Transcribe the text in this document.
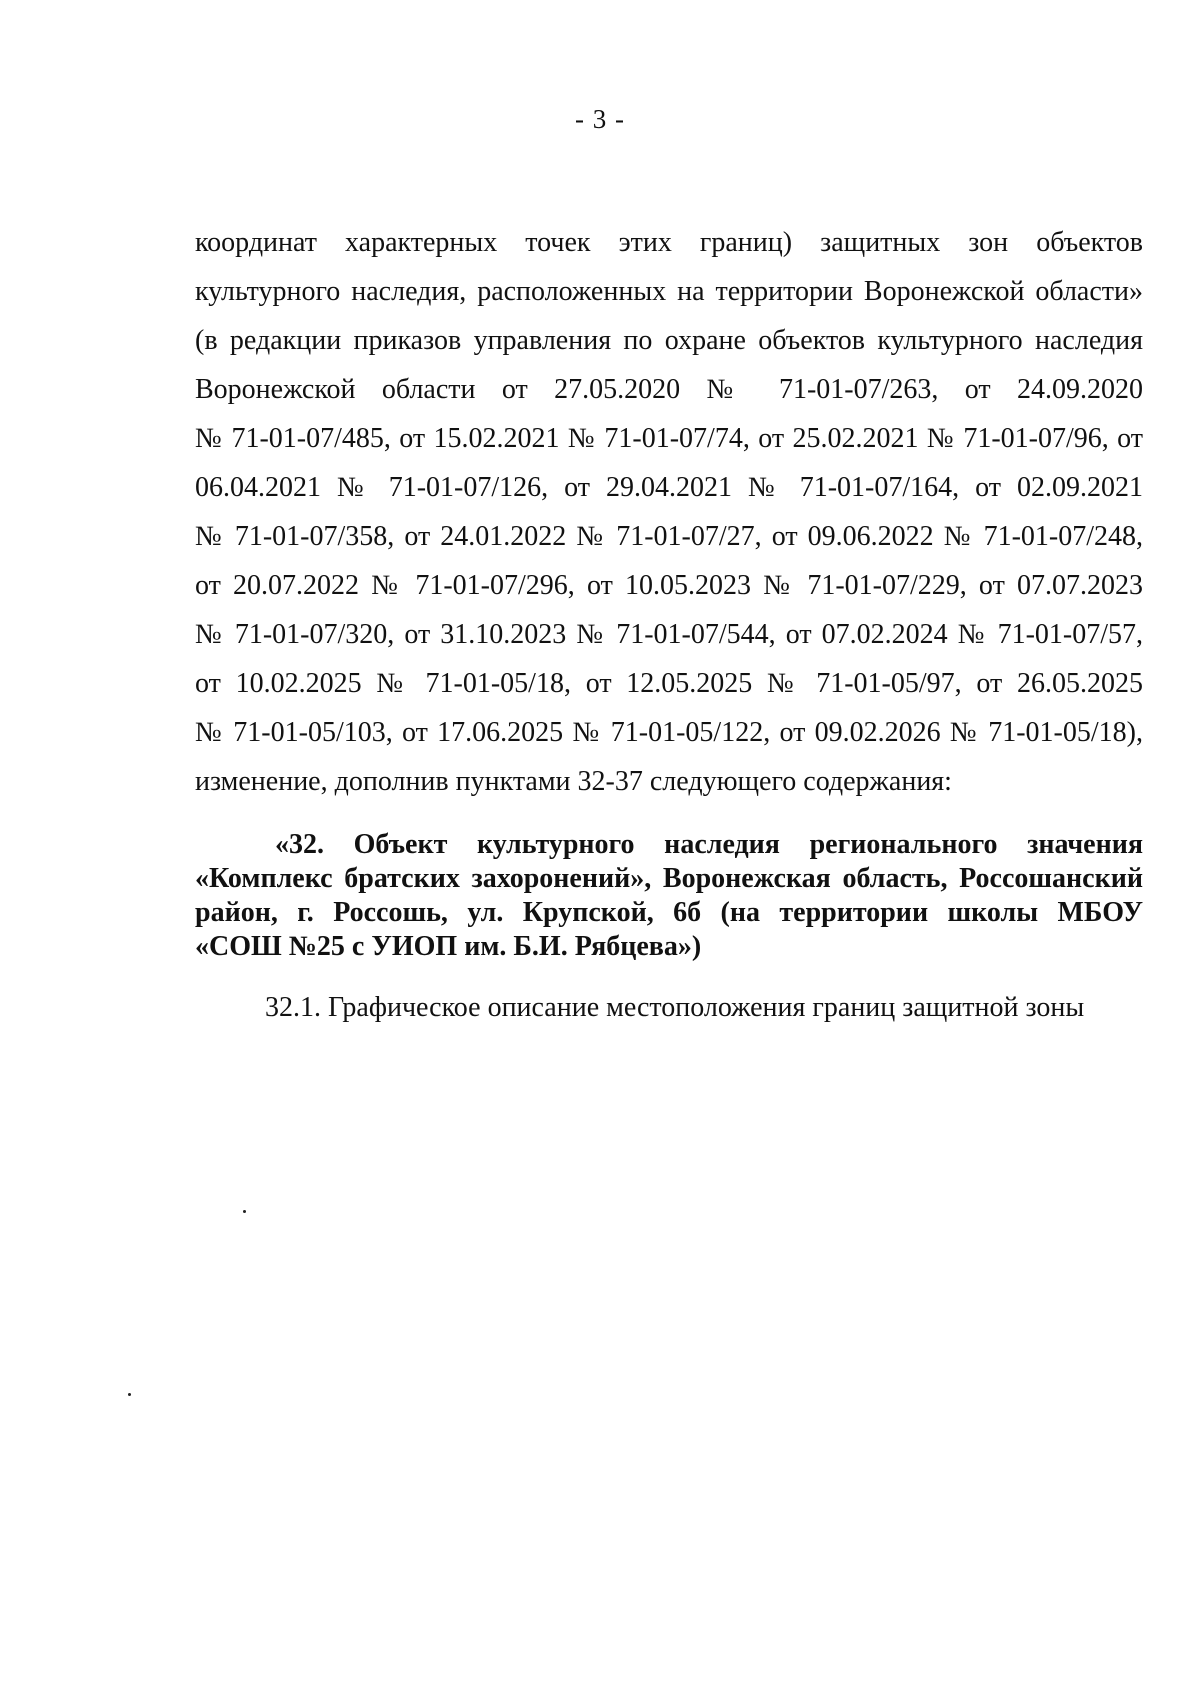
- 3 -
координат характерных точек этих границ) защитных зон объектов
культурного наследия, расположенных на территории Воронежской области»
(в редакции приказов управления по охране объектов культурного наследия
Воронежской области от 27.05.2020 № 71-01-07/263, от 24.09.2020
№ 71-01-07/485, от 15.02.2021 № 71-01-07/74, от 25.02.2021 № 71-01-07/96, от
06.04.2021 № 71-01-07/126, от 29.04.2021 № 71-01-07/164, от 02.09.2021
№ 71-01-07/358, от 24.01.2022 № 71-01-07/27, от 09.06.2022 № 71-01-07/248,
от 20.07.2022 № 71-01-07/296, от 10.05.2023 № 71-01-07/229, от 07.07.2023
№ 71-01-07/320, от 31.10.2023 № 71-01-07/544, от 07.02.2024 № 71-01-07/57,
от 10.02.2025 № 71-01-05/18, от 12.05.2025 № 71-01-05/97, от 26.05.2025
№ 71-01-05/103, от 17.06.2025 № 71-01-05/122, от 09.02.2026 № 71-01-05/18),
изменение, дополнив пунктами 32-37 следующего содержания:
«32. Объект культурного наследия регионального значения
«Комплекс братских захоронений», Воронежская область, Россошанский
район, г. Россошь, ул. Крупской, 6б (на территории школы МБОУ
«СОШ №25 с УИОП им. Б.И. Рябцева»)
32.1. Графическое описание местоположения границ защитной зоны
